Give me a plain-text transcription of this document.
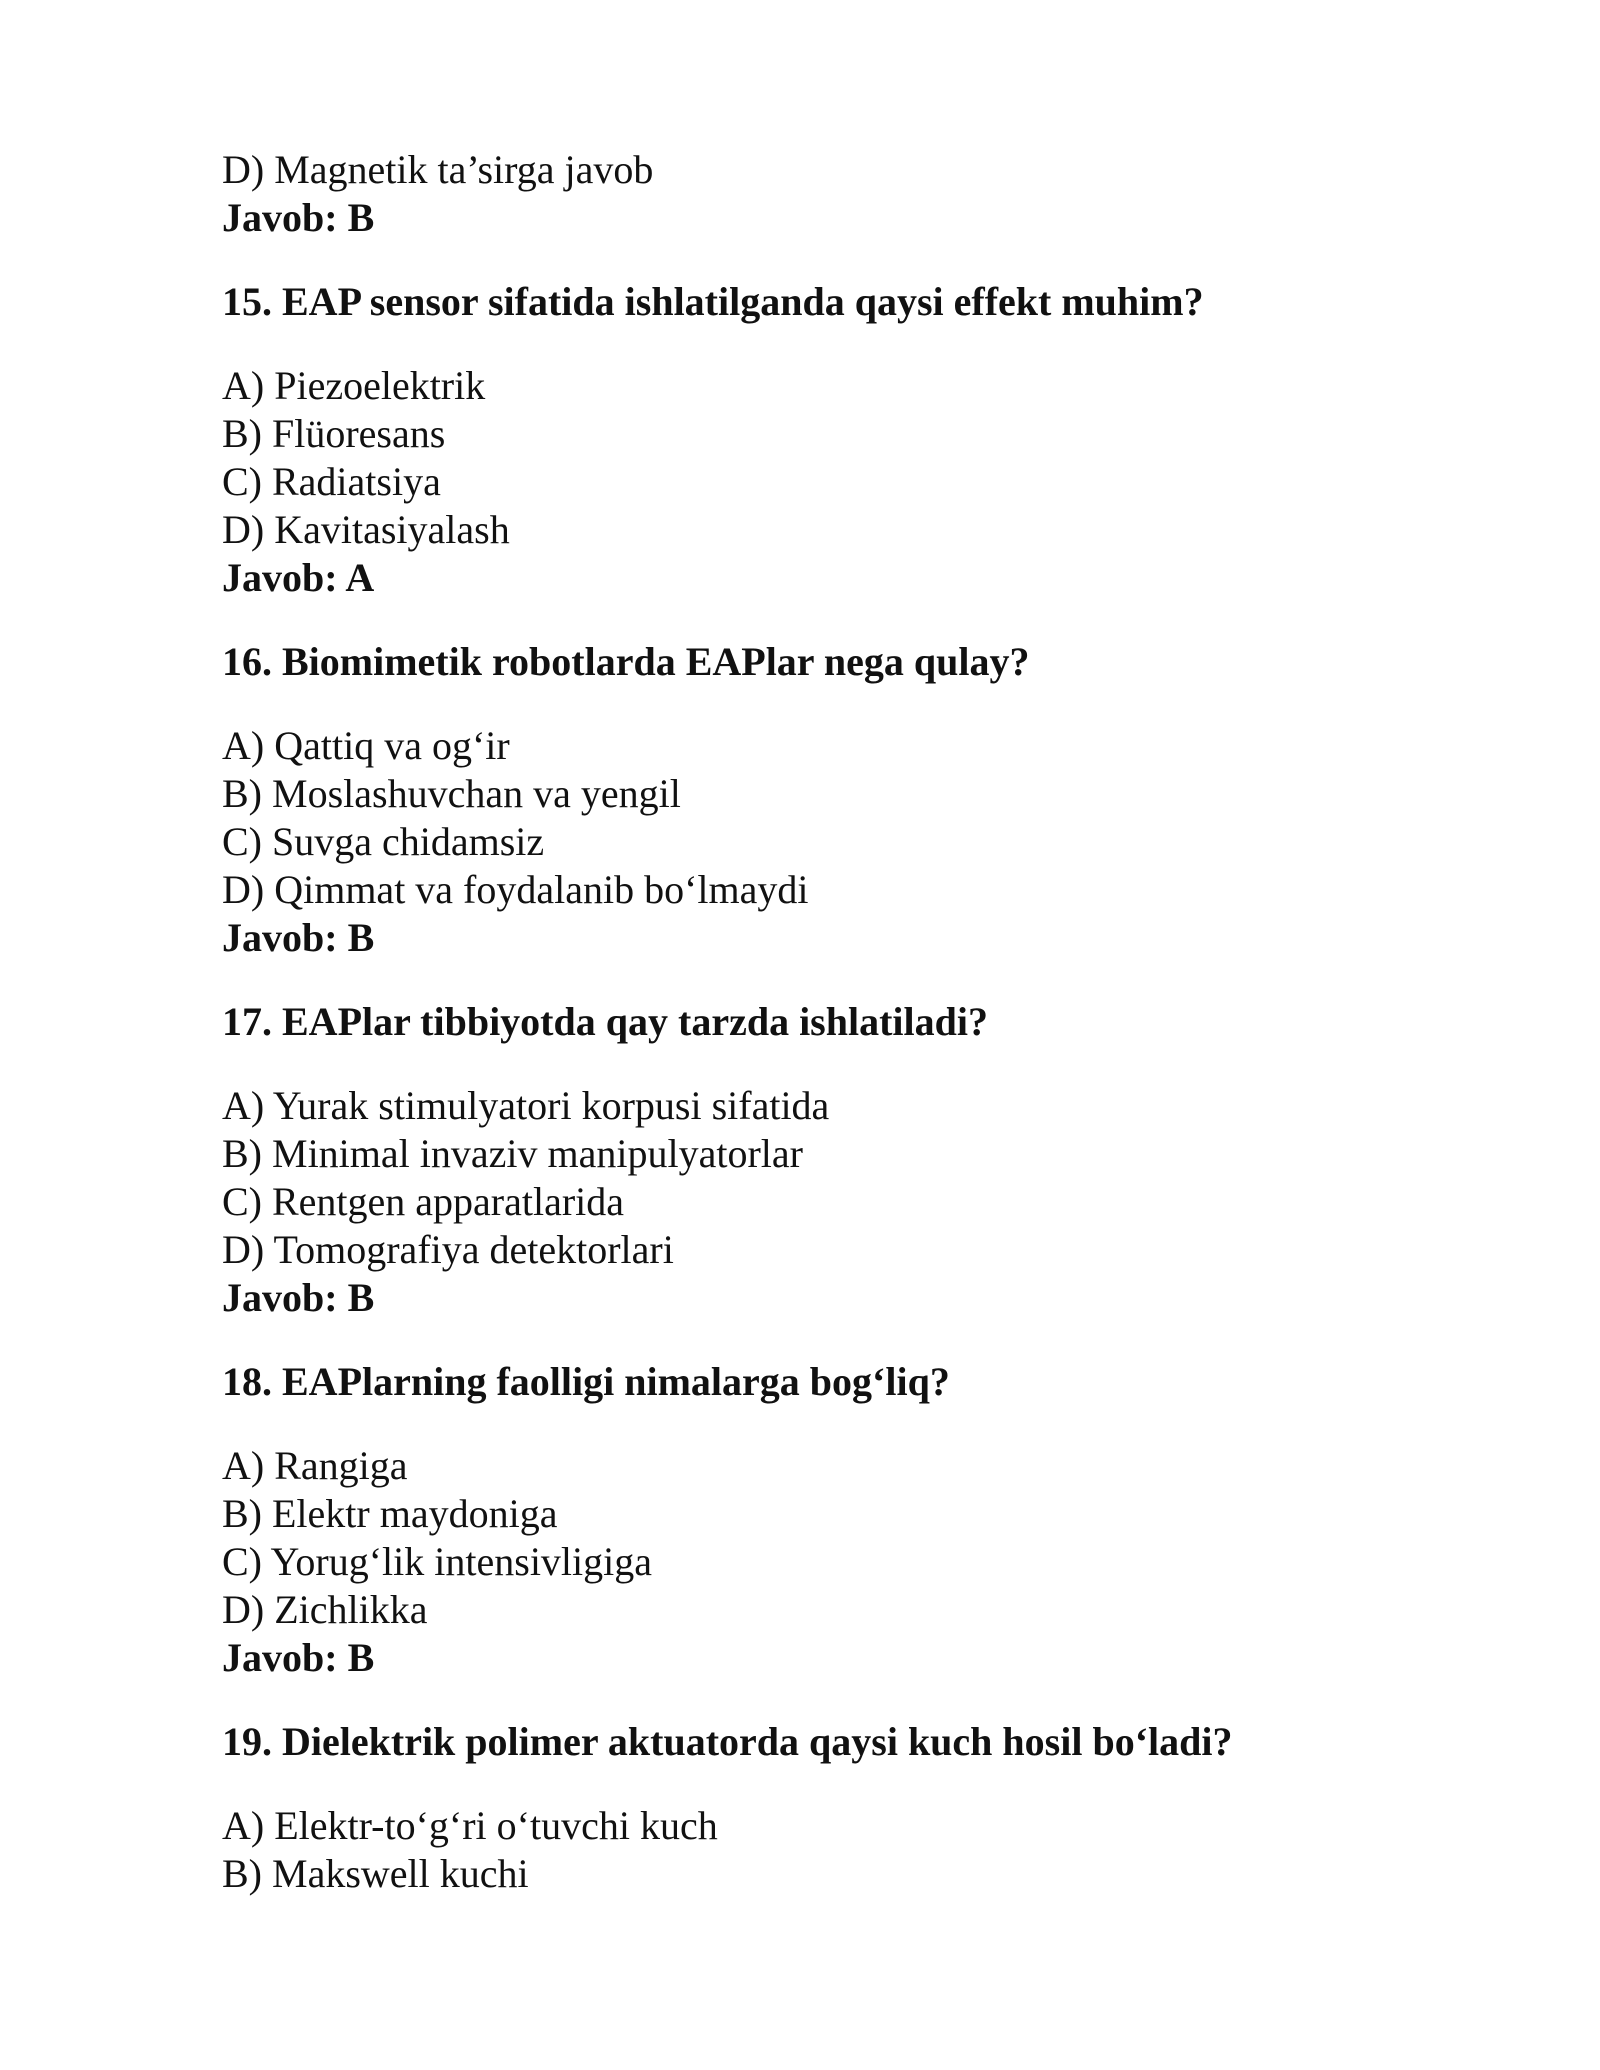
D) Magnetik ta’sirga javob
Javob: B
15. EAP sensor sifatida ishlatilganda qaysi effekt muhim?
A) Piezoelektrik
B) Flüoresans
C) Radiatsiya
D) Kavitasiyalash
Javob: A
16. Biomimetik robotlarda EAPlar nega qulay?
A) Qattiq va og‘ir
B) Moslashuvchan va yengil
C) Suvga chidamsiz
D) Qimmat va foydalanib bo‘lmaydi
Javob: B
17. EAPlar tibbiyotda qay tarzda ishlatiladi?
A) Yurak stimulyatori korpusi sifatida
B) Minimal invaziv manipulyatorlar
C) Rentgen apparatlarida
D) Tomografiya detektorlari
Javob: B
18. EAPlarning faolligi nimalarga bog‘liq?
A) Rangiga
B) Elektr maydoniga
C) Yorug‘lik intensivligiga
D) Zichlikka
Javob: B
19. Dielektrik polimer aktuatorda qaysi kuch hosil bo‘ladi?
A) Elektr-to‘g‘ri o‘tuvchi kuch
B) Makswell kuchi
